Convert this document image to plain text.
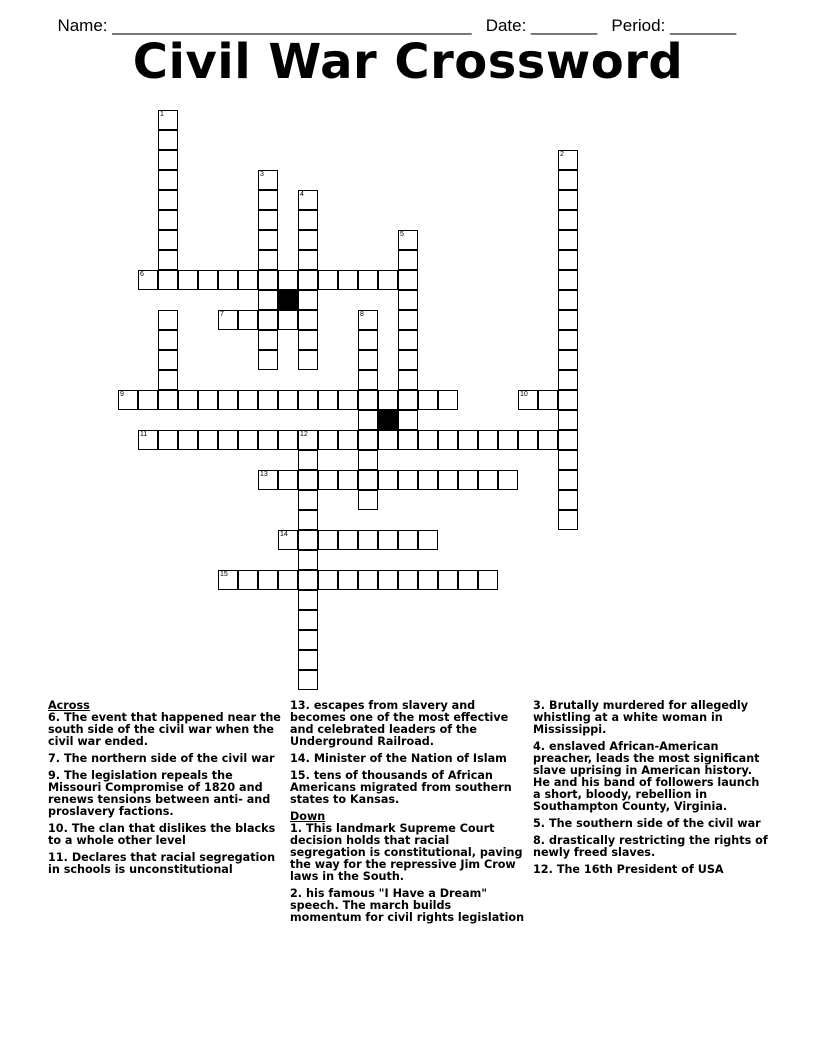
Name: ______________________________________ Date: _______ Period: _______

Civil War Crossword
1
2
3
4
5
6
7	8
9	10
11	12
13
14
15
Across
6. The event that happened near the south side of the civil war when the civil war ended.
7. The northern side of the civil war
9. The legislation repeals the Missouri Compromise of 1820 and renews tensions between anti- and proslavery factions.
10. The clan that dislikes the blacks to a whole other level
11. Declares that racial segregation in schools is unconstitutional
13. escapes from slavery and becomes one of the most effective and celebrated leaders of the Underground Railroad.
14. Minister of the Nation of Islam
15. tens of thousands of African Americans migrated from southern states to Kansas.
Down
1. This landmark Supreme Court decision holds that racial segregation is constitutional, paving the way for the repressive Jim Crow laws in the South.
2. his famous "I Have a Dream" speech. The march builds momentum for civil rights legislation
3. Brutally murdered for allegedly whistling at a white woman in Mississippi.
4. enslaved African-American preacher, leads the most significant slave uprising in American history. He and his band of followers launch a short, bloody, rebellion in Southampton County, Virginia.
5. The southern side of the civil war
8. drastically restricting the rights of newly freed slaves.
12. The 16th President of USA
